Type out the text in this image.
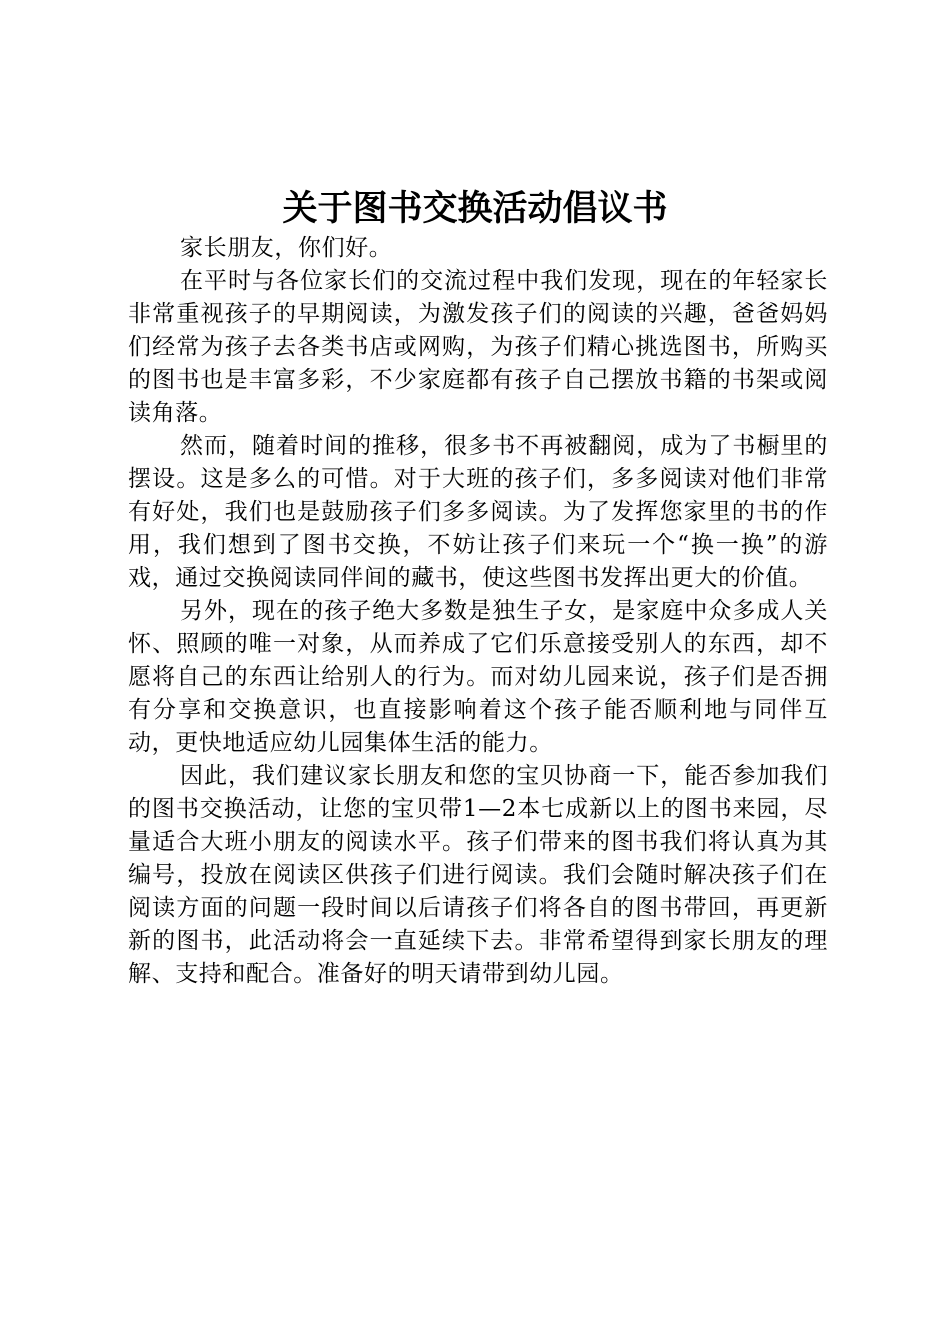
关于图书交换活动倡议书

家长朋友，你们好。

在平时与各位家长们的交流过程中我们发现，现在的年轻家长非常重视孩子的早期阅读，为激发孩子们的阅读的兴趣，爸爸妈妈们经常为孩子去各类书店或网购，为孩子们精心挑选图书，所购买的图书也是丰富多彩，不少家庭都有孩子自己摆放书籍的书架或阅读角落。

然而，随着时间的推移，很多书不再被翻阅，成为了书橱里的摆设。这是多么的可惜。对于大班的孩子们，多多阅读对他们非常有好处，我们也是鼓励孩子们多多阅读。为了发挥您家里的书的作用，我们想到了图书交换，不妨让孩子们来玩一个“换一换”的游戏，通过交换阅读同伴间的藏书，使这些图书发挥出更大的价值。

另外，现在的孩子绝大多数是独生子女，是家庭中众多成人关怀、照顾的唯一对象，从而养成了它们乐意接受别人的东西，却不愿将自己的东西让给别人的行为。而对幼儿园来说，孩子们是否拥有分享和交换意识，也直接影响着这个孩子能否顺利地与同伴互动，更快地适应幼儿园集体生活的能力。

因此，我们建议家长朋友和您的宝贝协商一下，能否参加我们的图书交换活动，让您的宝贝带1—2本七成新以上的图书来园，尽量适合大班小朋友的阅读水平。孩子们带来的图书我们将认真为其编号，投放在阅读区供孩子们进行阅读。我们会随时解决孩子们在阅读方面的问题一段时间以后请孩子们将各自的图书带回，再更新新的图书，此活动将会一直延续下去。非常希望得到家长朋友的理解、支持和配合。准备好的明天请带到幼儿园。
